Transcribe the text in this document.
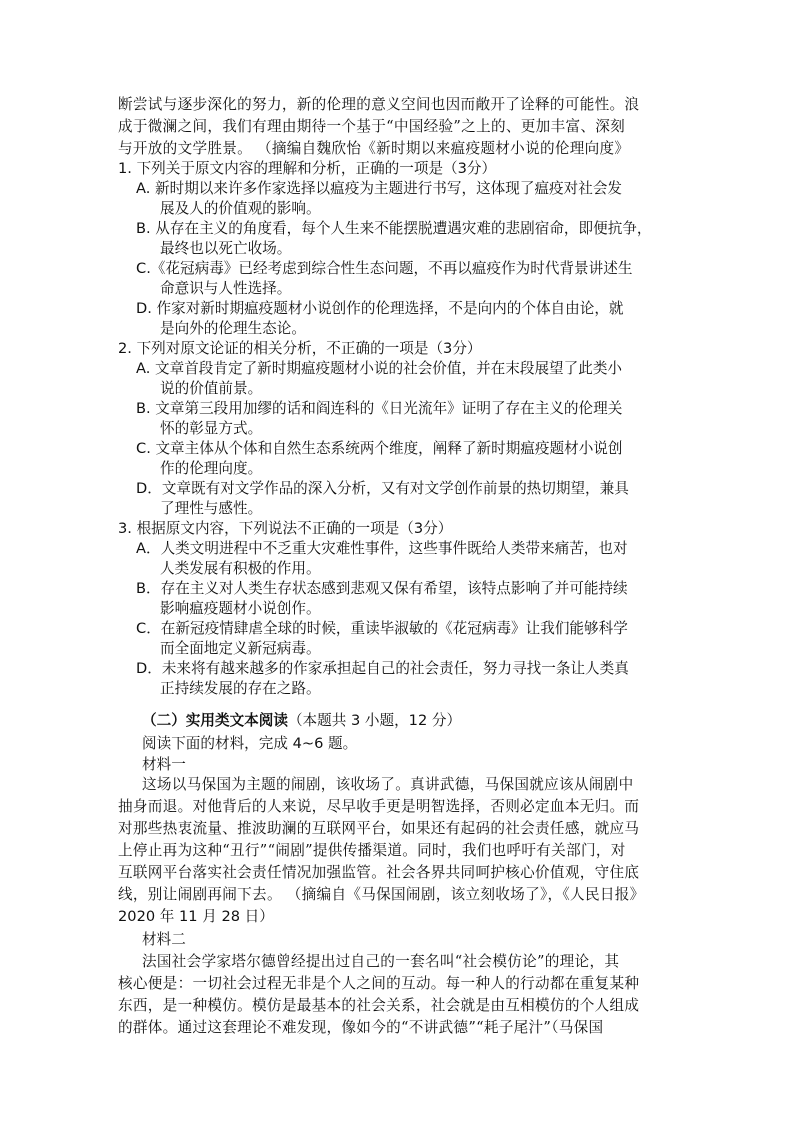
断尝试与逐步深化的努力，新的伦理的意义空间也因而敞开了诠释的可能性。浪
成于微澜之间，我们有理由期待一个基于“中国经验”之上的、更加丰富、深刻
与开放的文学胜景。 （摘编自魏欣怡《新时期以来瘟疫题材小说的伦理向度》
1. 下列关于原文内容的理解和分析，正确的一项是（3分）
A. 新时期以来许多作家选择以瘟疫为主题进行书写，这体现了瘟疫对社会发
展及人的价值观的影响。
B. 从存在主义的角度看，每个人生来不能摆脱遭遇灾难的悲剧宿命，即便抗争，
最终也以死亡收场。
C.《花冠病毒》已经考虑到综合性生态问题，不再以瘟疫作为时代背景讲述生
命意识与人性选择。
D. 作家对新时期瘟疫题材小说创作的伦理选择，不是向内的个体自由论，就
是向外的伦理生态论。
2. 下列对原文论证的相关分析，不正确的一项是（3分）
A. 文章首段肯定了新时期瘟疫题材小说的社会价值，并在末段展望了此类小
说的价值前景。
B. 文章第三段用加缪的话和阎连科的《日光流年》证明了存在主义的伦理关
怀的彰显方式。
C. 文章主体从个体和自然生态系统两个维度，阐释了新时期瘟疫题材小说创
作的伦理向度。
D．文章既有对文学作品的深入分析，又有对文学创作前景的热切期望，兼具
了理性与感性。
3. 根据原文内容，下列说法不正确的一项是（3分）
A．人类文明进程中不乏重大灾难性事件，这些事件既给人类带来痛苦，也对
人类发展有积极的作用。
B．存在主义对人类生存状态感到悲观又保有希望，该特点影响了并可能持续
影响瘟疫题材小说创作。
C．在新冠疫情肆虐全球的时候，重读毕淑敏的《花冠病毒》让我们能够科学
而全面地定义新冠病毒。
D．未来将有越来越多的作家承担起自己的社会责任，努力寻找一条让人类真
正持续发展的存在之路。
（二）实用类文本阅读（本题共 3 小题，12 分）
阅读下面的材料，完成 4~6 题。
材料一
这场以马保国为主题的闹剧，该收场了。真讲武德，马保国就应该从闹剧中
抽身而退。对他背后的人来说，尽早收手更是明智选择，否则必定血本无归。而
对那些热衷流量、推波助澜的互联网平台，如果还有起码的社会责任感，就应马
上停止再为这种“丑行”“闹剧”提供传播渠道。同时，我们也呼吁有关部门，对
互联网平台落实社会责任情况加强监管。社会各界共同呵护核心价值观，守住底
线，别让闹剧再闹下去。 （摘编自《马保国闹剧，该立刻收场了》，《人民日报》
2020 年 11 月 28 日）
材料二
法国社会学家塔尔德曾经提出过自己的一套名叫“社会模仿论”的理论，其
核心便是：一切社会过程无非是个人之间的互动。每一种人的行动都在重复某种
东西，是一种模仿。模仿是最基本的社会关系，社会就是由互相模仿的个人组成
的群体。通过这套理论不难发现，像如今的“不讲武德”“耗子尾汁”（马保国
